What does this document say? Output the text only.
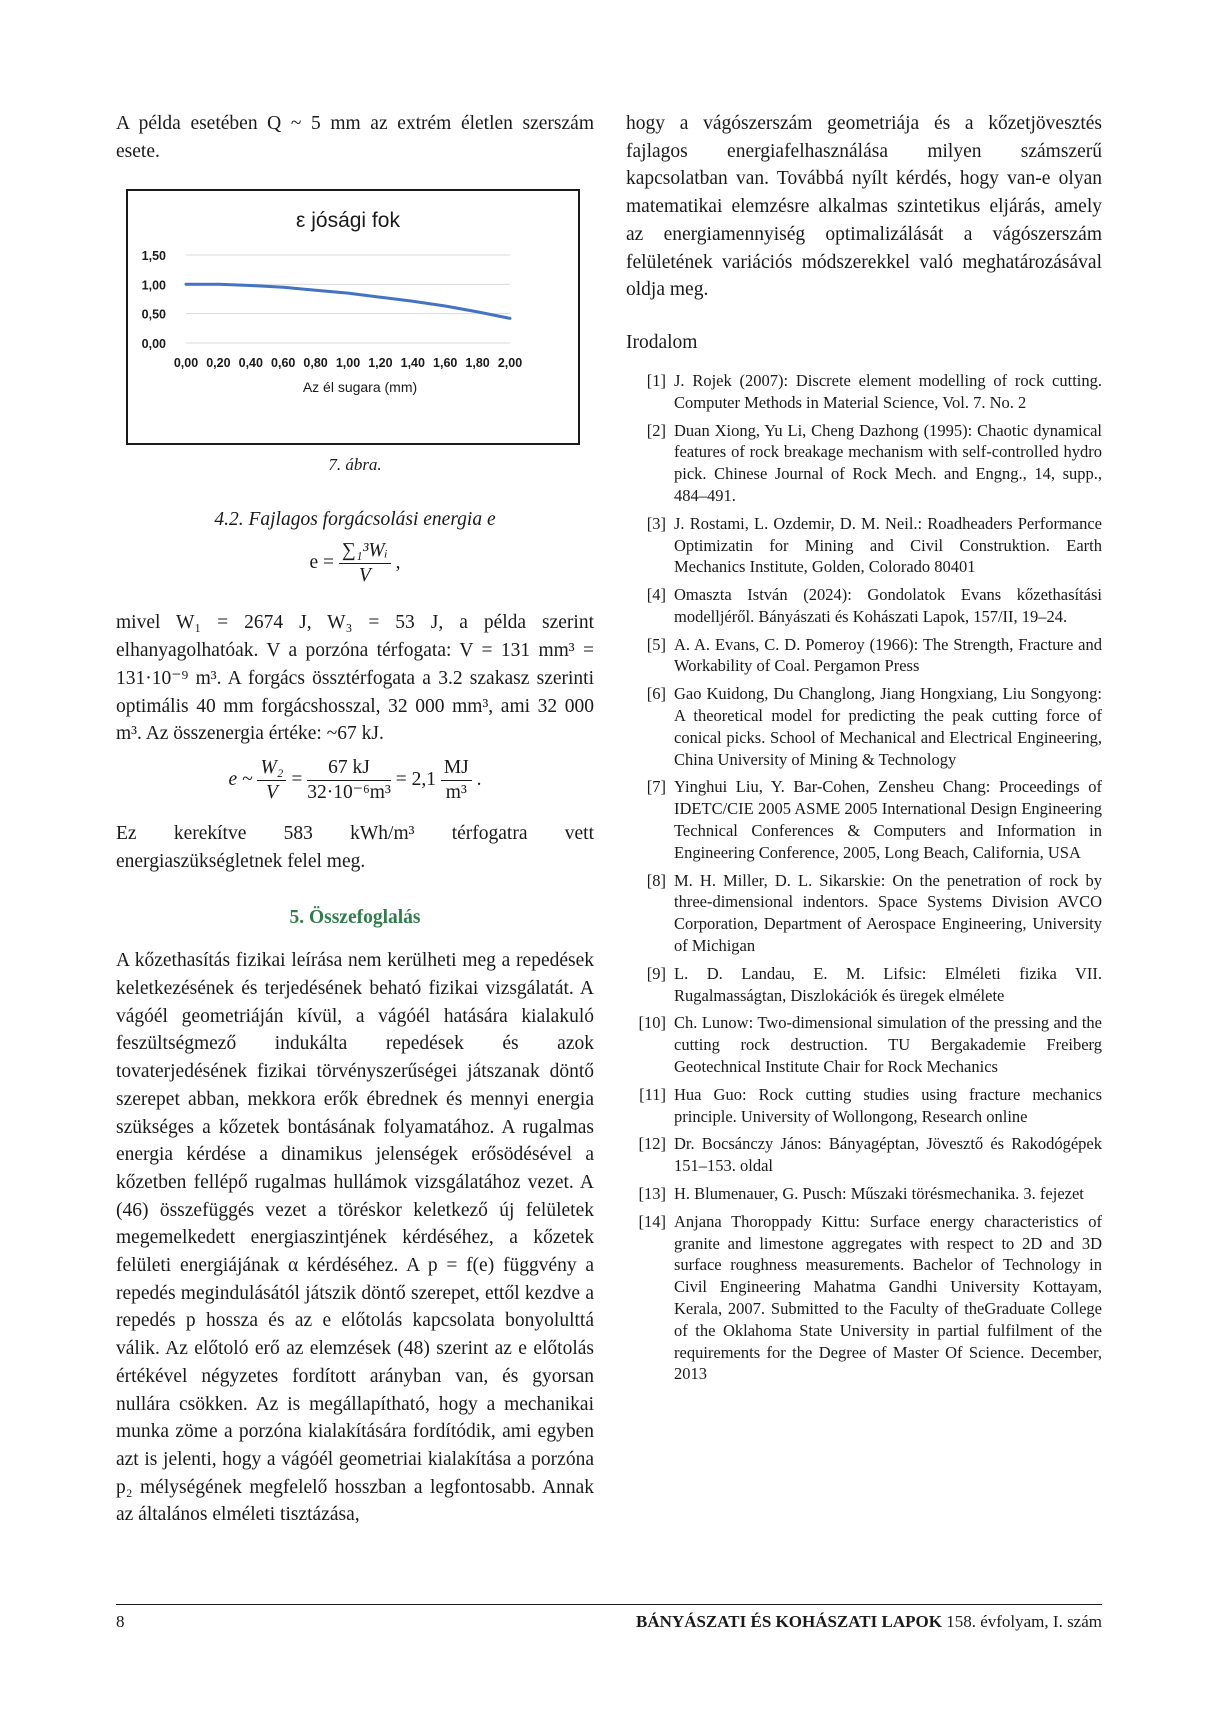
A példa esetében Q ~ 5 mm az extrém életlen szerszám esete.

ε jósági fok
0,00
0,50
1,00
1,50
0,00 0,20 0,40 0,60 0,80 1,00 1,20 1,40 1,60 1,80 2,00
Az él sugara (mm)

7. ábra.

4.2. Fajlagos forgácsolási energia e

$e = \frac{\text{∑₁³Wᵢ}}{V}$ ,

mivel W₁ = 2674 J, W₃ = 53 J, a példa szerint elhanyagolhatóak. V a porzóna térfogata: V = 131 mm³ = 131·10⁻⁹ m³. A forgács össztérfogata a 3.2 szakasz szerinti optimális 40 mm forgácshosszal, 32 000 mm³, ami 32 000 m³. Az összenergia értéke: ~67 kJ.

e ~ $\frac{\text{W₂}}{V} = \frac{67 kJ}{\text{32·10⁻⁶m³}} = 2,1 \frac{MJ}{\text{m³}}$ .

Ez kerekítve 583 kWh/m³ térfogatra vett energiaszükségletnek felel meg.

5. Összefoglalás

A kőzethasítás fizikai leírása nem kerülheti meg a repedések keletkezésének és terjedésének beható fizikai vizsgálatát. A vágóél geometriáján kívül, a vágóél hatására kialakuló feszültségmező indukálta repedések és azok tovaterjedésének fizikai törvényszerűségei játszanak döntő szerepet abban, mekkora erők ébrednek és mennyi energia szükséges a kőzetek bontásának folyamatához. A rugalmas energia kérdése a dinamikus jelenségek erősödésével a kőzetben fellépő rugalmas hullámok vizsgálatához vezet. A (46) összefüggés vezet a töréskor keletkező új felületek megemelkedett energiaszintjének kérdéséhez, a kőzetek felületi energiájának α kérdéséhez. A p = f(e) függvény a repedés megindulásától játszik döntő szerepet, ettől kezdve a repedés p hossza és az e előtolás kapcsolata bonyolulttá válik. Az előtoló erő az elemzések (48) szerint az e előtolás értékével négyzetes fordított arányban van, és gyorsan nullára csökken. Az is megállapítható, hogy a mechanikai munka zöme a porzóna kialakítására fordítódik, ami egyben azt is jelenti, hogy a vágóél geometriai kialakítása a porzóna p₂ mélységének megfelelő hosszban a legfontosabb. Annak az általános elméleti tisztázása,

hogy a vágószerszám geometriája és a kőzetjövesztés fajlagos energiafelhasználása milyen számszerű kapcsolatban van. Továbbá nyílt kérdés, hogy van-e olyan matematikai elemzésre alkalmas szintetikus eljárás, amely az energiamennyiség optimalizálását a vágószerszám felületének variációs módszerekkel való meghatározásával oldja meg.

Irodalom

[1] J. Rojek (2007): Discrete element modelling of rock cutting. Computer Methods in Material Science, Vol. 7. No. 2
[2] Duan Xiong, Yu Li, Cheng Dazhong (1995): Chaotic dynamical features of rock breakage mechanism with self-controlled hydro pick. Chinese Journal of Rock Mech. and Engng., 14, supp., 484–491.
[3] J. Rostami, L. Ozdemir, D. M. Neil.: Roadheaders Performance Optimizatin for Mining and Civil Construktion. Earth Mechanics Institute, Golden, Colorado 80401
[4] Omaszta István (2024): Gondolatok Evans kőzethasítási modelljéről. Bányászati és Kohászati Lapok, 157/II, 19–24.
[5] A. A. Evans, C. D. Pomeroy (1966): The Strength, Fracture and Workability of Coal. Pergamon Press
[6] Gao Kuidong, Du Changlong, Jiang Hongxiang, Liu Songyong: A theoretical model for predicting the peak cutting force of conical picks. School of Mechanical and Electrical Engineering, China University of Mining & Technology
[7] Yinghui Liu, Y. Bar-Cohen, Zensheu Chang: Proceedings of IDETC/CIE 2005 ASME 2005 International Design Engineering Technical Conferences & Computers and Information in Engineering Conference, 2005, Long Beach, California, USA
[8] M. H. Miller, D. L. Sikarskie: On the penetration of rock by three-dimensional indentors. Space Systems Division AVCO Corporation, Department of Aerospace Engineering, University of Michigan
[9] L. D. Landau, E. M. Lifsic: Elméleti fizika VII. Rugalmasságtan, Diszlokációk és üregek elmélete
[10] Ch. Lunow: Two-dimensional simulation of the pressing and the cutting rock destruction. TU Bergakademie Freiberg Geotechnical Institute Chair for Rock Mechanics
[11] Hua Guo: Rock cutting studies using fracture mechanics principle. University of Wollongong, Research online
[12] Dr. Bocsánczy János: Bányagéptan, Jövesztő és Rakodógépek 151–153. oldal
[13] H. Blumenauer, G. Pusch: Műszaki törésmechanika. 3. fejezet
[14] Anjana Thoroppady Kittu: Surface energy characteristics of granite and limestone aggregates with respect to 2D and 3D surface roughness measurements. Bachelor of Technology in Civil Engineering Mahatma Gandhi University Kottayam, Kerala, 2007. Submitted to the Faculty of theGraduate College of the Oklahoma State University in partial fulfilment of the requirements for the Degree of Master Of Science. December, 2013
8	BÁNYÁSZATI ÉS KOHÁSZATI LAPOK 158. évfolyam, I. szám
